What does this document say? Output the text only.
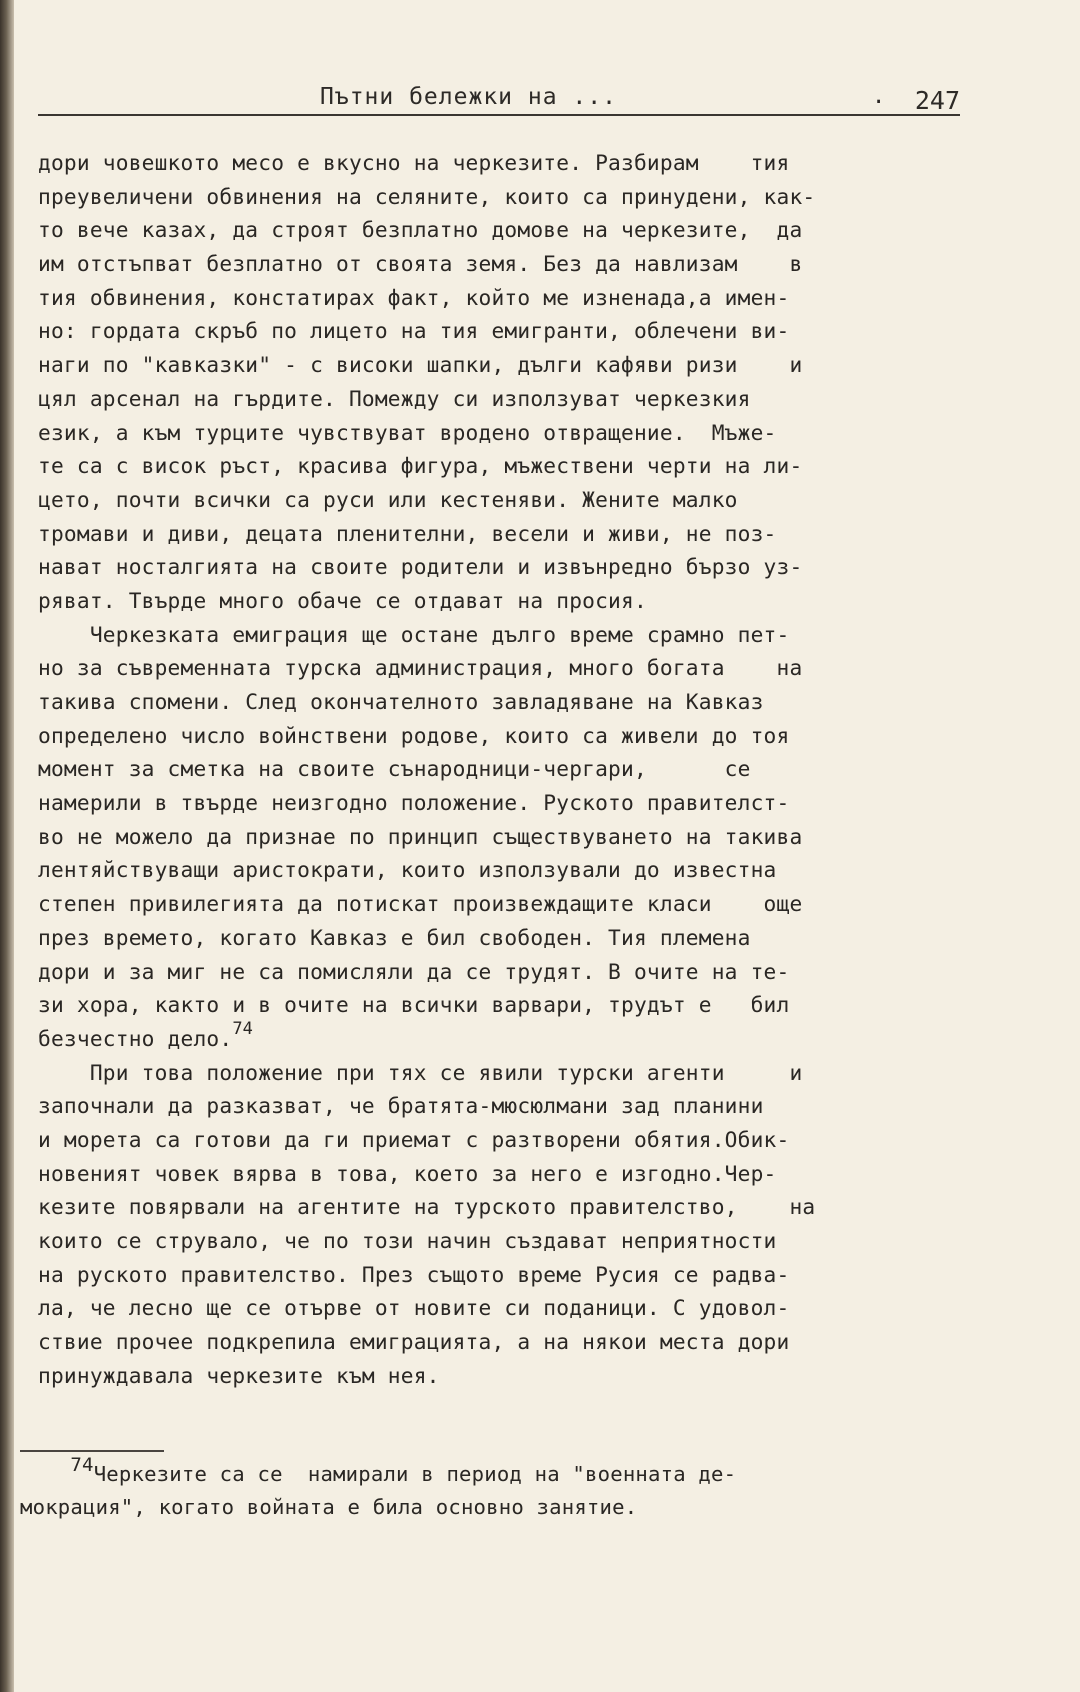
Пътни бележки на ...	. 247
дори човешкото месо е вкусно на черкезите. Разбирам    тия
преувеличени обвинения на селяните, които са принудени, как-
то вече казах, да строят безплатно домове на черкезите,  да
им отстъпват безплатно от своята земя. Без да навлизам    в
тия обвинения, констатирах факт, който ме изненада,а имен-
но: гордата скръб по лицето на тия емигранти, облечени ви-
наги по "кавказки" - с високи шапки, дълги кафяви ризи    и
цял арсенал на гърдите. Помежду си използуват черкезкия
език, а към турците чувствуват вродено отвращение.  Мъже-
те са с висок ръст, красива фигура, мъжествени черти на ли-
цето, почти всички са руси или кестеняви. Жените малко
тромави и диви, децата пленителни, весели и живи, не поз-
нават носталгията на своите родители и извънредно бързо уз-
ряват. Твърде много обаче се отдават на просия.
Черкезката емиграция ще остане дълго време срамно пет-
но за съвременната турска администрация, много богата    на
такива спомени. След окончателното завладяване на Кавказ
определено число войнствени родове, които са живели до тоя
момент за сметка на своите сънародници-чергари,      се
намерили в твърде неизгодно положение. Руското правителст-
во не можело да признае по принцип съществуването на такива
лентяйствуващи аристократи, които използували до известна
степен привилегията да потискат произвеждащите класи    още
през времето, когато Кавказ е бил свободен. Тия племена
дори и за миг не са помисляли да се трудят. В очите на те-
зи хора, както и в очите на всички варвари, трудът е   бил
безчестно дело.$^{74}$
При това положение при тях се явили турски агенти     и
започнали да разказват, че братята-мюсюлмани зад планини
и морета са готови да ги приемат с разтворени обятия.Обик-
новеният човек вярва в това, което за него е изгодно.Чер-
кезите повярвали на агентите на турското правителство,    на
които се струвало, че по този начин създават неприятности
на руското правителство. През същото време Русия се радва-
ла, че лесно ще се отърве от новите си поданици. С удовол-
ствие прочее подкрепила емиграцията, а на някои места дори
принуждавала черкезите към нея.
74Черкезите са се  намирали в период на "военната де-
мокрация", когато войната е била основно занятие.
